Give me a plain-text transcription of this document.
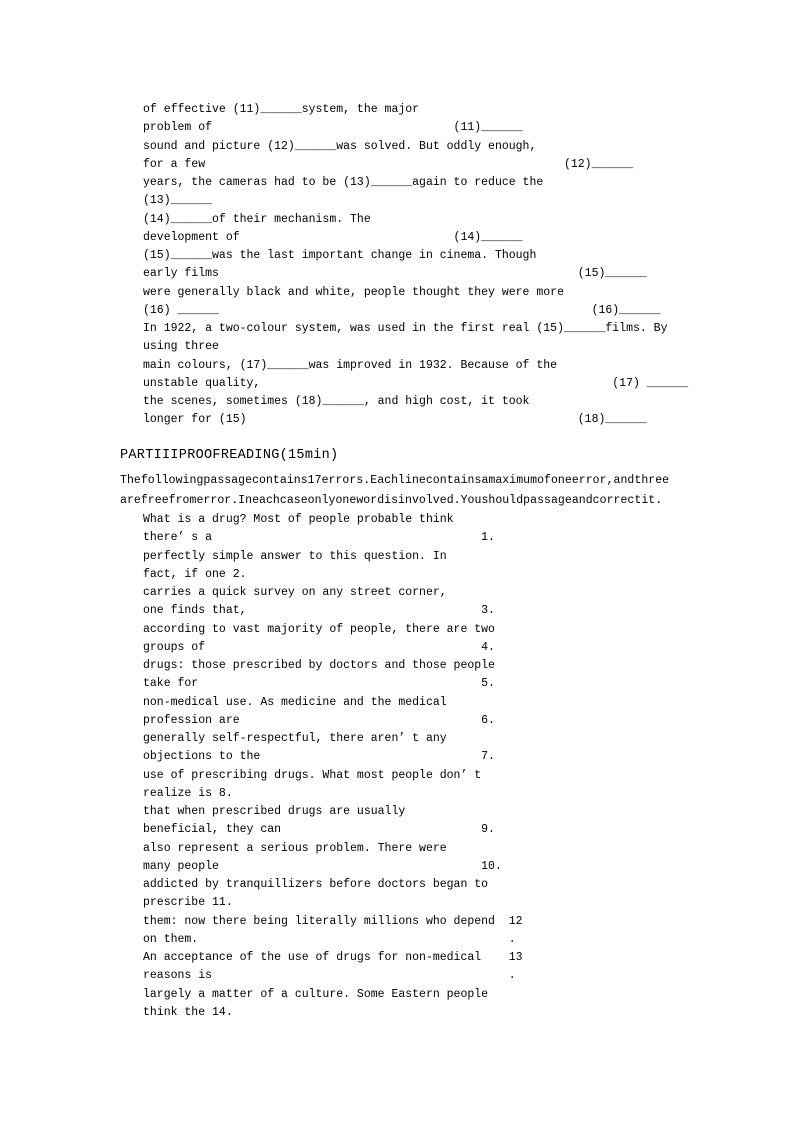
of effective (11)______system, the major
problem of                                   (11)______
sound and picture (12)______was solved. But oddly enough,
for a few                                                    (12)______
years, the cameras had to be (13)______again to reduce the
(13)______
(14)______of their mechanism. The
development of                               (14)______
(15)______was the last important change in cinema. Though
early films                                                    (15)______
were generally black and white, people thought they were more
(16) ______                                                      (16)______
In 1922, a two-colour system, was used in the first real (15)______films. By
using three
main colours, (17)______was improved in 1932. Because of the
unstable quality,                                                   (17) ______
the scenes, sometimes (18)______, and high cost, it took
longer for (15)                                                (18)______
PARTIIIPROOFREADING(15min)
Thefollowingpassagecontains17errors.Eachlinecontainsamaximumofoneerror,andthree
arefreefromerror.Ineachcaseonlyonewordisinvolved.Youshouldpassageandcorrectit.
What is a drug? Most of people probable think
there’ s a                                       1.
perfectly simple answer to this question. In
fact, if one 2.
carries a quick survey on any street corner,
one finds that,                                  3.
according to vast majority of people, there are two
groups of                                        4.
drugs: those prescribed by doctors and those people
take for                                         5.
non-medical use. As medicine and the medical
profession are                                   6.
generally self-respectful, there aren’ t any
objections to the                                7.
use of prescribing drugs. What most people don’ t
realize is 8.
that when prescribed drugs are usually
beneficial, they can                             9.
also represent a serious problem. There were
many people                                      10.
addicted by tranquillizers before doctors began to
prescribe 11.
them: now there being literally millions who depend  12
on them.                                             .
An acceptance of the use of drugs for non-medical    13
reasons is                                           .
largely a matter of a culture. Some Eastern people
think the 14.
